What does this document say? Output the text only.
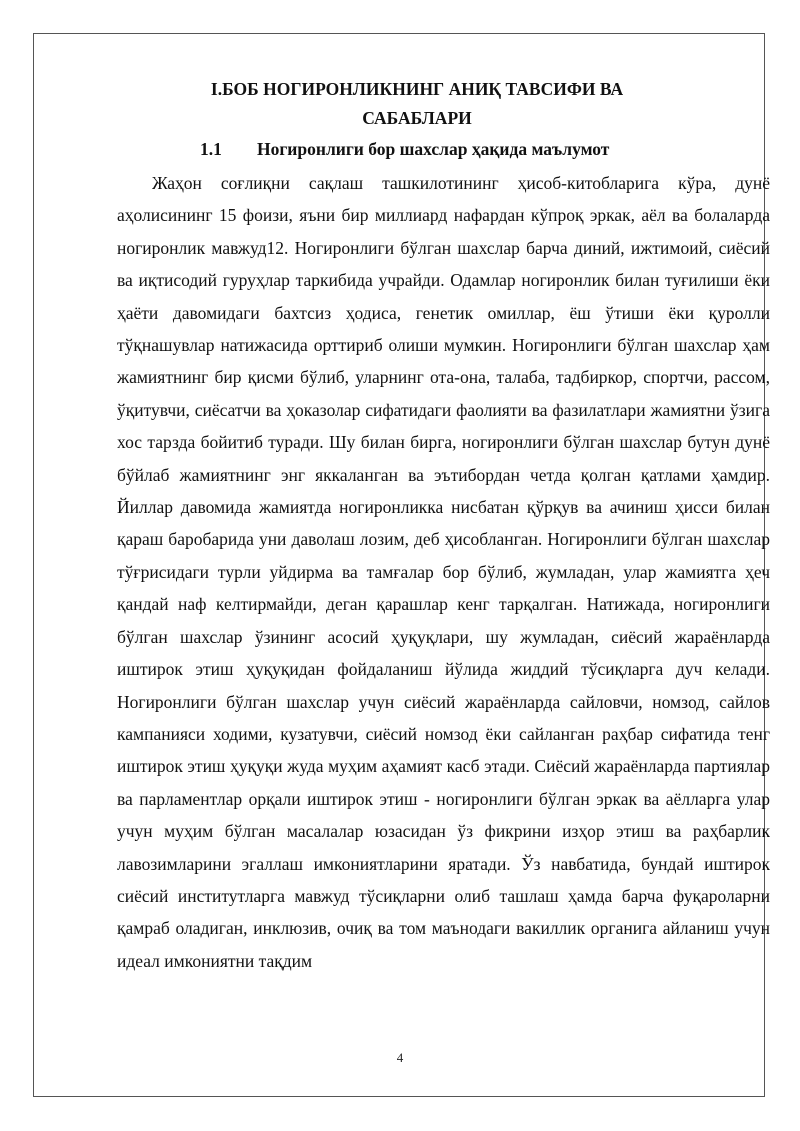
I.БОБ НОГИРОНЛИКНИНГ АНИҚ ТАВСИФИ ВА
САБАБЛАРИ
1.1 Ногиронлиги бор шахслар ҳақида маълумот

Жаҳон соғлиқни сақлаш ташкилотининг ҳисоб-китобларига кўра, дунё аҳолисининг 15 фоизи, яъни бир миллиард нафардан кўпроқ эркак, аёл ва болаларда ногиронлик мавжуд12. Ногиронлиги бўлган шахслар барча диний, ижтимоий, сиёсий ва иқтисодий гуруҳлар таркибида учрайди. Одамлар ногиронлик билан туғилиши ёки ҳаёти давомидаги бахтсиз ҳодиса, генетик омиллар, ёш ўтиши ёки қуролли тўқнашувлар натижасида орттириб олиши мумкин. Ногиронлиги бўлган шахслар ҳам жамиятнинг бир қисми бўлиб, уларнинг ота-она, талаба, тадбиркор, спортчи, рассом, ўқитувчи, сиёсатчи ва ҳоказолар сифатидаги фаолияти ва фазилатлари жамиятни ўзига хос тарзда бойитиб туради. Шу билан бирга, ногиронлиги бўлган шахслар бутун дунё бўйлаб жамиятнинг энг яккаланган ва эътибордан четда қолган қатлами ҳамдир. Йиллар давомида жамиятда ногиронликка нисбатан қўрқув ва ачиниш ҳисси билан қараш баробарида уни даволаш лозим, деб ҳисобланган. Ногиронлиги бўлган шахслар тўғрисидаги турли уйдирма ва тамғалар бор бўлиб, жумладан, улар жамиятга ҳеч қандай наф келтирмайди, деган қарашлар кенг тарқалган. Натижада, ногиронлиги бўлган шахслар ўзининг асосий ҳуқуқлари, шу жумладан, сиёсий жараёнларда иштирок этиш ҳуқуқидан фойдаланиш йўлида жиддий тўсиқларга дуч келади. Ногиронлиги бўлган шахслар учун сиёсий жараёнларда сайловчи, номзод, сайлов кампанияси ходими, кузатувчи, сиёсий номзод ёки сайланган раҳбар сифатида тенг иштирок этиш ҳуқуқи жуда муҳим аҳамият касб этади. Сиёсий жараёнларда партиялар ва парламентлар орқали иштирок этиш - ногиронлиги бўлган эркак ва аёлларга улар учун муҳим бўлган масалалар юзасидан ўз фикрини изҳор этиш ва раҳбарлик лавозимларини эгаллаш имкониятларини яратади. Ўз навбатида, бундай иштирок сиёсий институтларга мавжуд тўсиқларни олиб ташлаш ҳамда барча фуқароларни қамраб оладиган, инклюзив, очиқ ва том маънодаги вакиллик органига айланиш учун идеал имкониятни тақдим

4
